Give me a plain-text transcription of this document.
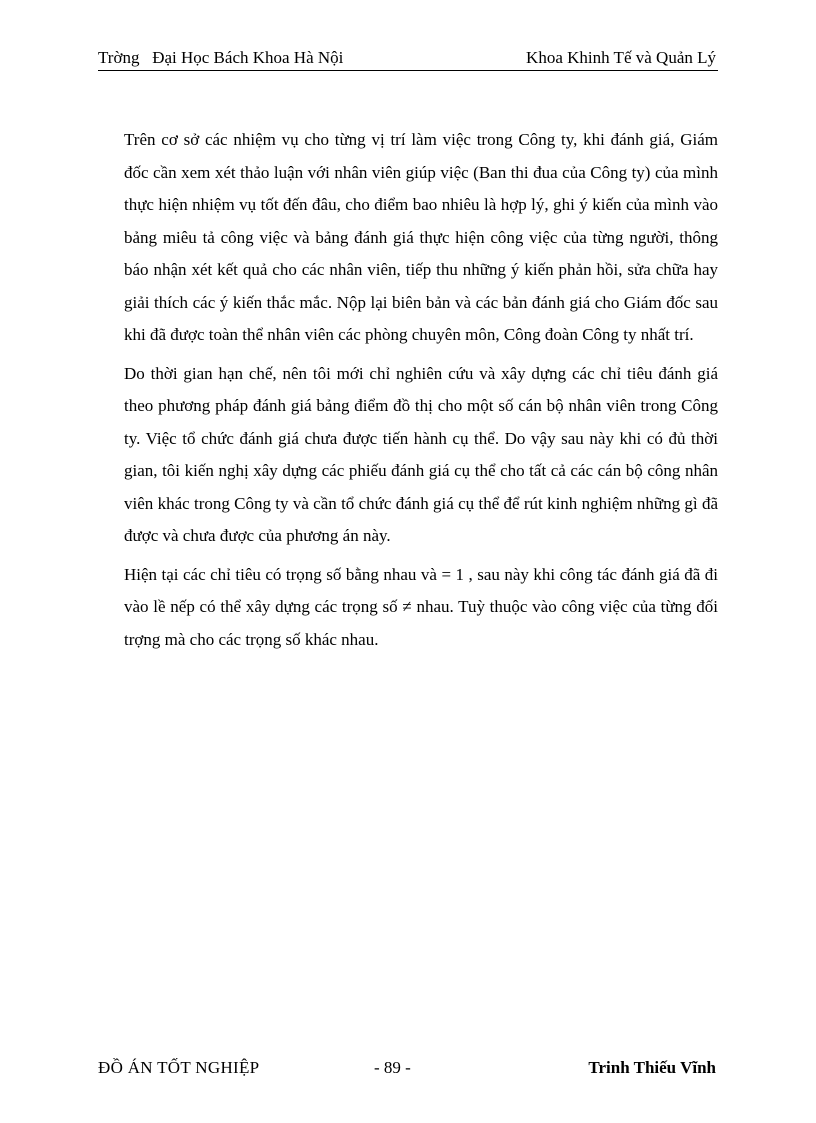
Trờng   Đại Học Bách Khoa Hà Nội	Khoa Khinh Tế và Quản Lý

Trên cơ sở các nhiệm vụ cho từng vị trí làm việc trong Công ty, khi đánh giá, Giám đốc cần xem xét thảo luận với nhân viên giúp việc (Ban thi đua của Công ty) của mình thực hiện nhiệm vụ tốt đến đâu, cho điểm bao nhiêu là hợp lý, ghi ý kiến của mình vào bảng miêu tả công việc và bảng đánh giá thực hiện công việc của từng người, thông báo nhận xét kết quả cho các nhân viên, tiếp thu những ý kiến phản hồi, sửa chữa hay giải thích các ý kiến thắc mắc. Nộp lại biên bản và các bản đánh giá cho Giám đốc sau khi đã được toàn thể nhân viên các phòng chuyên môn, Công đoàn Công ty nhất trí.

Do thời gian hạn chế, nên tôi mới chỉ nghiên cứu và xây dựng các chỉ tiêu đánh giá theo phương pháp đánh giá bảng điểm đồ thị cho một số cán bộ nhân viên trong Công ty. Việc tổ chức đánh giá chưa được tiến hành cụ thể. Do vậy sau này khi có đủ thời gian, tôi kiến nghị xây dựng các phiếu đánh giá cụ thể cho tất cả các cán bộ công nhân viên khác trong Công ty và cần tổ chức đánh giá cụ thể để rút kinh nghiệm những gì đã được và chưa được của phương án này.

Hiện tại các chỉ tiêu có trọng số bằng nhau và = 1 , sau này khi công tác đánh giá đã đi vào lề nếp có thể xây dựng các trọng số ≠ nhau. Tuỳ thuộc vào công việc của từng đối trợng mà cho các trọng số khác nhau.

ĐỒ ÁN TỐT NGHIỆP	- 89 -	Trinh Thiếu Vĩnh
